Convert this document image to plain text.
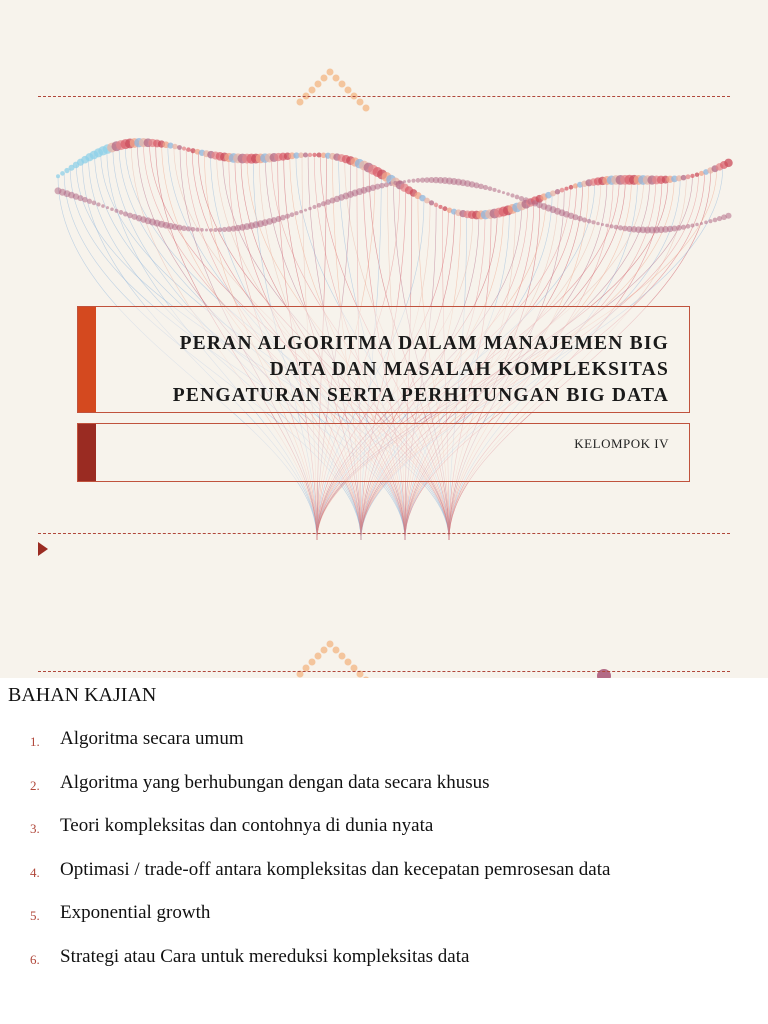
PERAN ALGORITMA DALAM MANAJEMEN BIG
DATA DAN MASALAH KOMPLEKSITAS
PENGATURAN SERTA PERHITUNGAN BIG DATA
KELOMPOK IV
BAHAN KAJIAN
1. Algoritma secara umum
2. Algoritma yang berhubungan dengan data secara khusus
3. Teori kompleksitas dan contohnya di dunia nyata
4. Optimasi / trade-off antara kompleksitas dan kecepatan pemrosesan data
5. Exponential growth
6. Strategi atau Cara untuk mereduksi kompleksitas data
